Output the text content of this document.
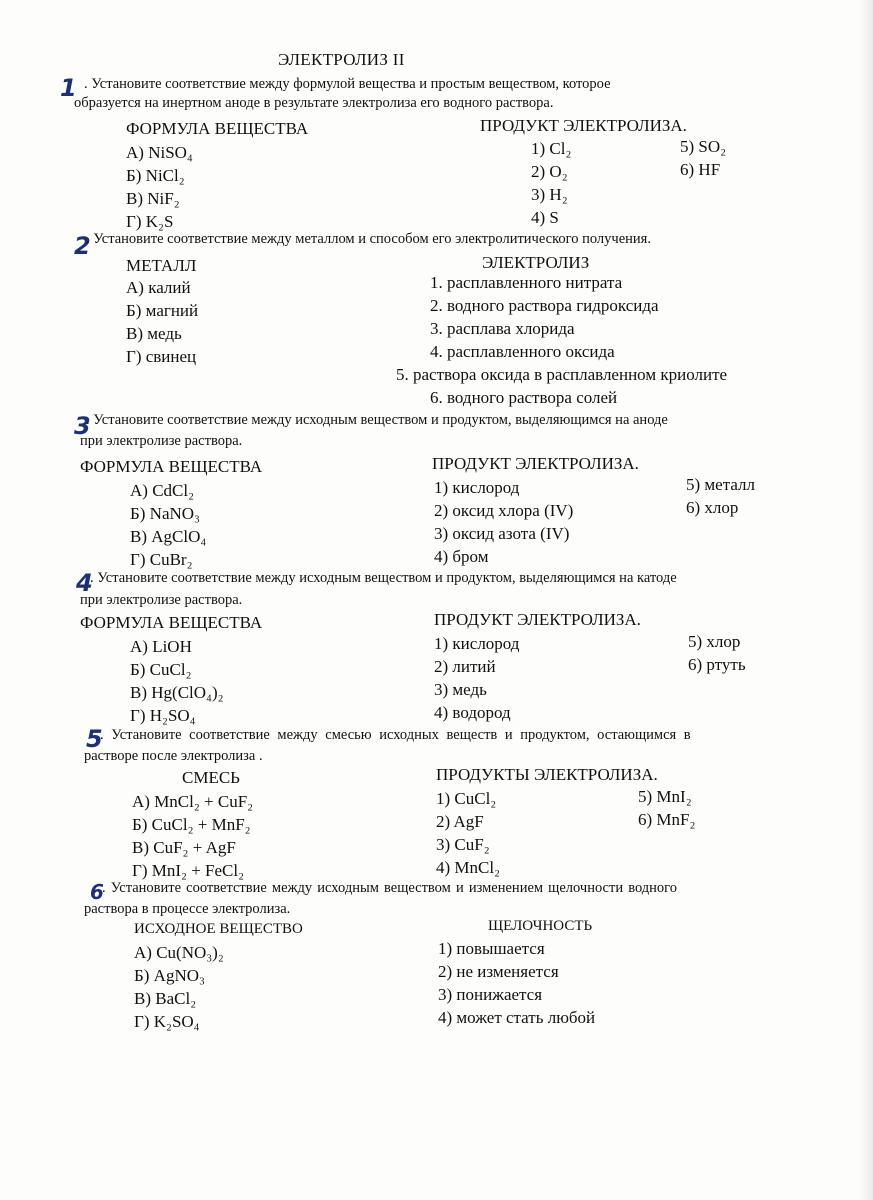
ЭЛЕКТРОЛИЗ II
1 . Установите соответствие между формулой вещества и простым веществом, которое
образуется на инертном аноде в результате электролиза его водного раствора.
ФОРМУЛА ВЕЩЕСТВА	ПРОДУКТ ЭЛЕКТРОЛИЗА.
А) NiSO₄
Б) NiCl₂
В) NiF₂
Г) K₂S
1) Cl₂
2) O₂
3) H₂
4) S
5) SO₂
6) HF
2
. Установите соответствие между металлом и способом его электролитического получения.
МЕТАЛЛ	ЭЛЕКТРОЛИЗ
А) калий
Б) магний
В) медь
Г) свинец
1. расплавленного нитрата
2. водного раствора гидроксида
3. расплава хлорида
4. расплавленного оксида
5. раствора оксида в расплавленном криолите
6. водного раствора солей
3
. Установите соответствие между исходным веществом и продуктом, выделяющимся на аноде
при электролизе раствора.
ФОРМУЛА ВЕЩЕСТВА	ПРОДУКТ ЭЛЕКТРОЛИЗА.
А) CdCl₂
Б) NaNO₃
В) AgClO₄
Г) CuBr₂
1) кислород
2) оксид хлора (IV)
3) оксид азота (IV)
4) бром
5) металл
6) хлор
4
. Установите соответствие между исходным веществом и продуктом, выделяющимся на катоде
при электролизе раствора.
ФОРМУЛА ВЕЩЕСТВА	ПРОДУКТ ЭЛЕКТРОЛИЗА.
А) LiOH
Б) CuCl₂
В) Hg(ClO₄)₂
Г) H₂SO₄
1) кислород
2) литий
3) медь
4) водород
5) хлор
6) ртуть
5
. Установите соответствие между смесью исходных веществ и продуктом, остающимся в
растворе после электролиза .
СМЕСЬ	ПРОДУКТЫ ЭЛЕКТРОЛИЗА.
А) MnCl₂ + CuF₂
Б) CuCl₂ + MnF₂
В) CuF₂ + AgF
Г) MnI₂ + FeCl₂
1) CuCl₂
2) AgF
3) CuF₂
4) MnCl₂
5) MnI₂
6) MnF₂
6
. Установите соответствие между исходным веществом и изменением щелочности водного
раствора в процессе электролиза.
ИСХОДНОЕ ВЕЩЕСТВО	ЩЕЛОЧНОСТЬ
А) Cu(NO₃)₂
Б) AgNO₃
В) BaCl₂
Г) K₂SO₄
1) повышается
2) не изменяется
3) понижается
4) может стать любой
